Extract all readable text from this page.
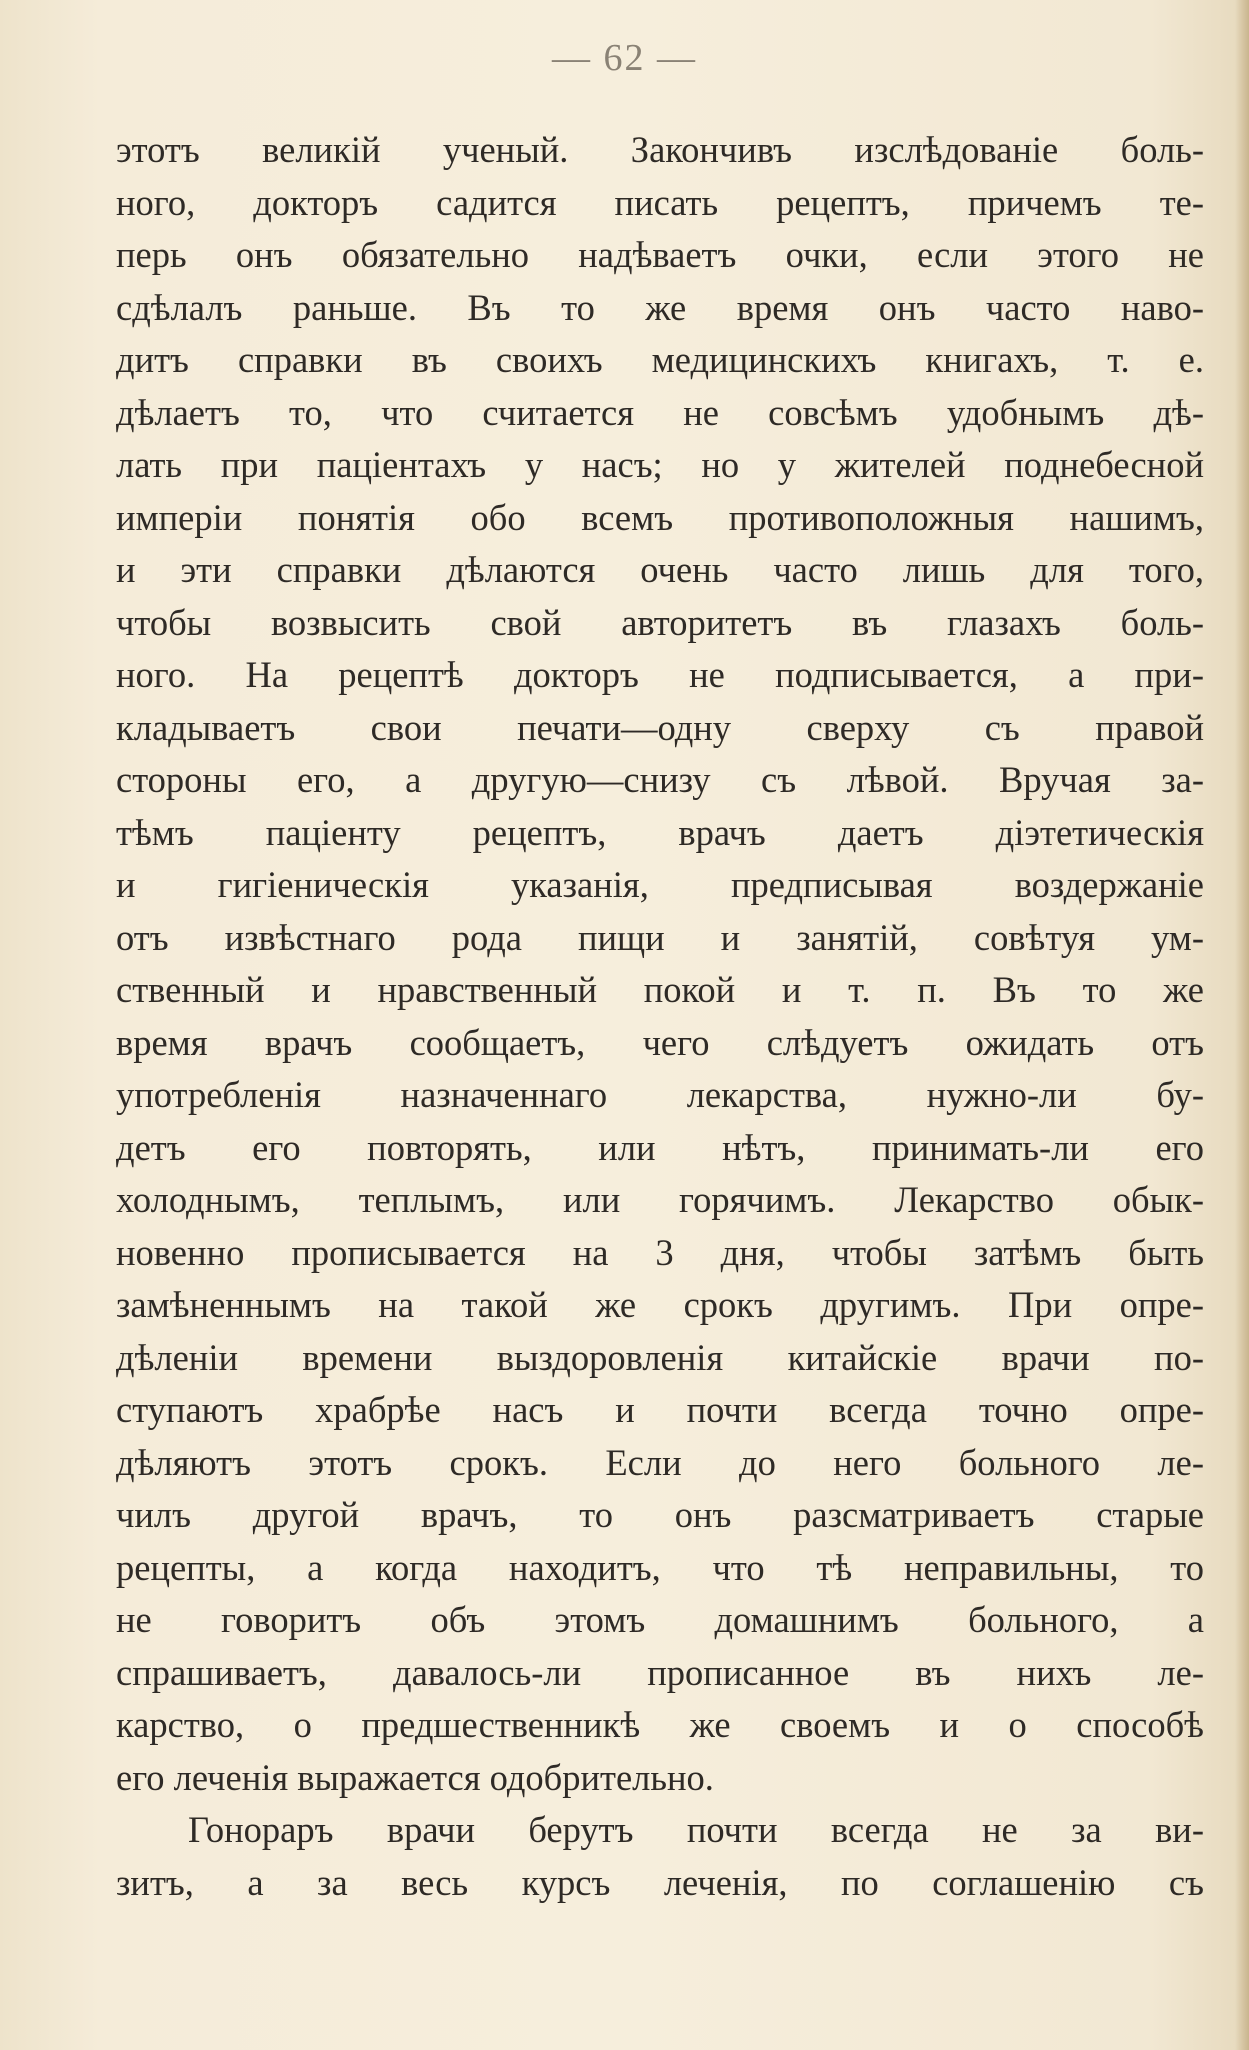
— 62 —
этотъ великій ученый. Закончивъ изслѣдованіе боль-
ного, докторъ садится писать рецептъ, причемъ те-
перь онъ обязательно надѣваетъ очки, если этого не
сдѣлалъ раньше. Въ то же время онъ часто наво-
дитъ справки въ своихъ медицинскихъ книгахъ, т. е.
дѣлаетъ то, что считается не совсѣмъ удобнымъ дѣ-
лать при паціентахъ у насъ; но у жителей поднебесной
имперіи понятія обо всемъ противоположныя нашимъ,
и эти справки дѣлаются очень часто лишь для того,
чтобы возвысить свой авторитетъ въ глазахъ боль-
ного. На рецептѣ докторъ не подписывается, а при-
кладываетъ свои печати—одну сверху съ правой
стороны его, а другую—снизу съ лѣвой. Вручая за-
тѣмъ паціенту рецептъ, врачъ даетъ діэтетическія
и гигіеническія указанія, предписывая воздержаніе
отъ извѣстнаго рода пищи и занятій, совѣтуя ум-
ственный и нравственный покой и т. п. Въ то же
время врачъ сообщаетъ, чего слѣдуетъ ожидать отъ
употребленія назначеннаго лекарства, нужно-ли бу-
детъ его повторять, или нѣтъ, принимать-ли его
холоднымъ, теплымъ, или горячимъ. Лекарство обык-
новенно прописывается на 3 дня, чтобы затѣмъ быть
замѣненнымъ на такой же срокъ другимъ. При опре-
дѣленіи времени выздоровленія китайскіе врачи по-
ступаютъ храбрѣе насъ и почти всегда точно опре-
дѣляютъ этотъ срокъ. Если до него больного ле-
чилъ другой врачъ, то онъ разсматриваетъ старые
рецепты, а когда находитъ, что тѣ неправильны, то
не говоритъ объ этомъ домашнимъ больного, а
спрашиваетъ, давалось-ли прописанное въ нихъ ле-
карство, о предшественникѣ же своемъ и о способѣ
его леченія выражается одобрительно.
Гонораръ врачи берутъ почти всегда не за ви-
зитъ, а за весь курсъ леченія, по соглашенію съ
